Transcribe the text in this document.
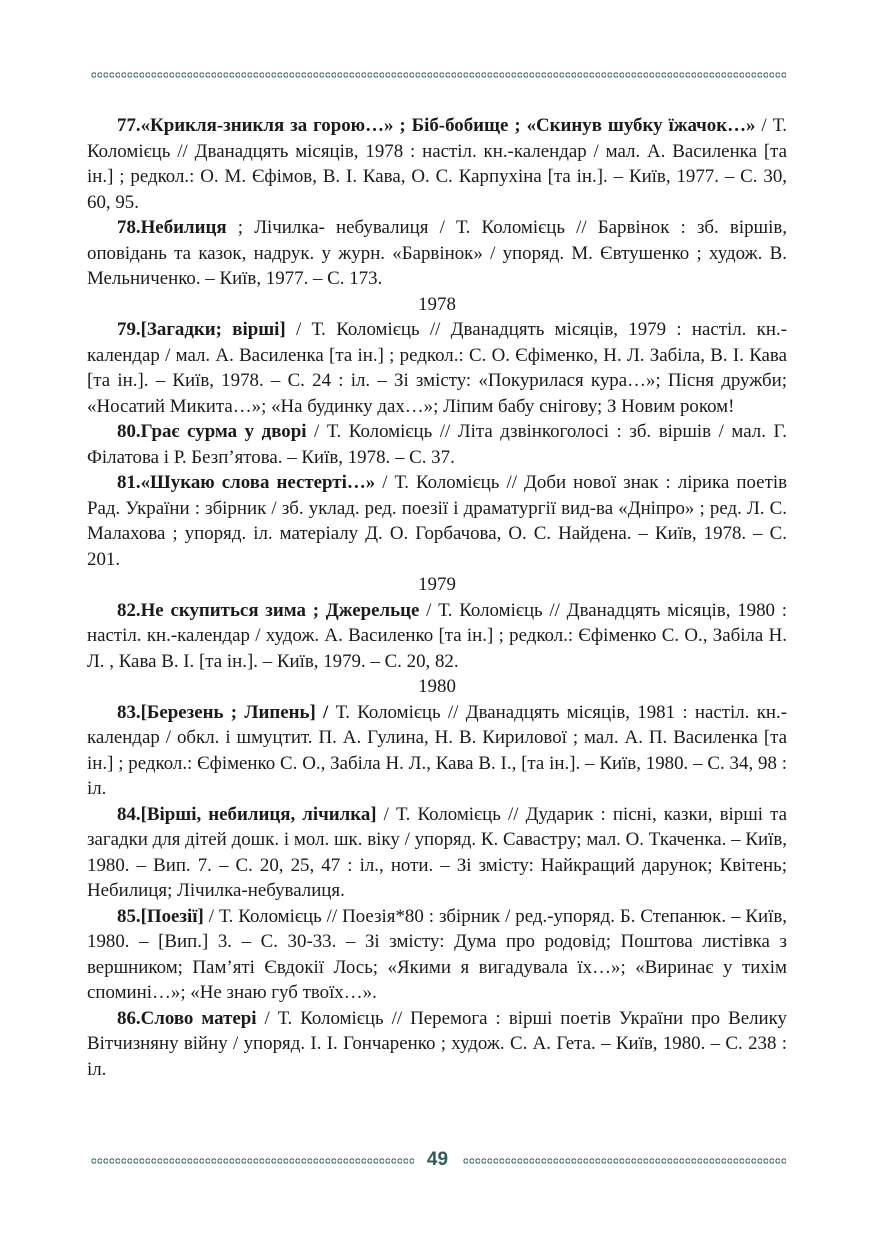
77.«Крикля-зникля за горою…» ; Біб-бобище ; «Скинув шубку їжачок…» / Т. Коломієць // Дванадцять місяців, 1978 : настіл. кн.-календар / мал. А. Василенка [та ін.] ; редкол.: О. М. Єфімов, В. І. Кава, О. С. Карпухіна [та ін.]. – Київ, 1977. – С. 30, 60, 95.

78.Небилиця ; Лічилка- небувалиця / Т. Коломієць // Барвінок : зб. віршів, оповідань та казок, надрук. у журн. «Барвінок» / упоряд. М. Євтушенко ; худож. В. Мельниченко. – Київ, 1977. – С. 173.

1978

79.[Загадки; вірші] / Т. Коломієць // Дванадцять місяців, 1979 : настіл. кн.-календар / мал. А. Василенка [та ін.] ; редкол.: С. О. Єфіменко, Н. Л. Забіла, В. І. Кава [та ін.]. – Київ, 1978. – С. 24 : іл. – Зі змісту: «Покурилася кура…»; Пісня дружби; «Носатий Микита…»; «На будинку дах…»; Ліпим бабу снігову; З Новим роком!

80.Грає сурма у дворі / Т. Коломієць // Літа дзвінкоголосі : зб. віршів / мал. Г. Філатова і Р. Безп’ятова. – Київ, 1978. – С. 37.

81.«Шукаю слова нестерті…» / Т. Коломієць // Доби нової знак : лірика поетів Рад. України : збірник / зб. уклад. ред. поезії і драматургії вид-ва «Дніпро» ; ред. Л. С. Малахова ; упоряд. іл. матеріалу Д. О. Горбачова, О. С. Найдена. – Київ, 1978. – С. 201.

1979

82.Не скупиться зима ; Джерельце / Т. Коломієць // Дванадцять місяців, 1980 : настіл. кн.-календар / худож. А. Василенко [та ін.] ; редкол.: Єфіменко С. О., Забіла Н. Л. , Кава В. І. [та ін.]. – Київ, 1979. – С. 20, 82.

1980

83.[Березень ; Липень] / Т. Коломієць // Дванадцять місяців, 1981 : настіл. кн.-календар / обкл. і шмуцтит. П. А. Гулина, Н. В. Кирилової ; мал. А. П. Василенка [та ін.] ; редкол.: Єфіменко С. О., Забіла Н. Л., Кава В. І., [та ін.]. – Київ, 1980. – С. 34, 98 : іл.

84.[Вірші, небилиця, лічилка] / Т. Коломієць // Дударик : пісні, казки, вірші та загадки для дітей дошк. і мол. шк. віку / упоряд. К. Савастру; мал. О. Ткаченка. – Київ, 1980. – Вип. 7. – С. 20, 25, 47 : іл., ноти. – Зі змісту: Найкращий дарунок; Квітень; Небилиця; Лічилка-небувалиця.

85.[Поезії] / Т. Коломієць // Поезія*80 : збірник / ред.-упоряд. Б. Степанюк. – Київ, 1980. – [Вип.] 3. – С. 30-33. – Зі змісту: Дума про родовід; Поштова листівка з вершником; Пам’яті Євдокії Лось; «Якими я вигадувала їх…»; «Виринає у тихім спомині…»; «Не знаю губ твоїх…».

86.Слово матері / Т. Коломієць // Перемога : вірші поетів України про Велику Вітчизняну війну / упоряд. І. І. Гончаренко ; худож. С. А. Гета. – Київ, 1980. – С. 238 : іл.

49
